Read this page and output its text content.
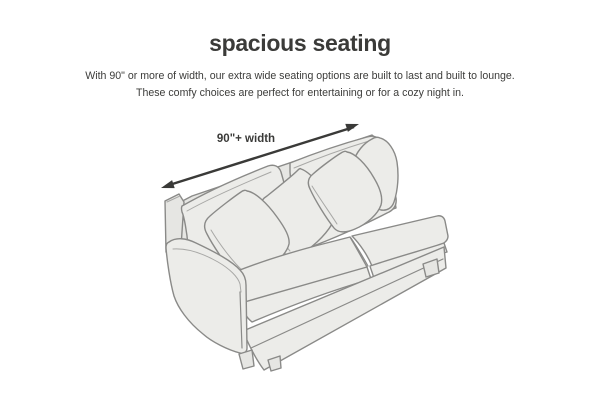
spacious seating
With 90" or more of width, our extra wide seating options are built to last and built to lounge.
These comfy choices are perfect for entertaining or for a cozy night in.
90"+ width
